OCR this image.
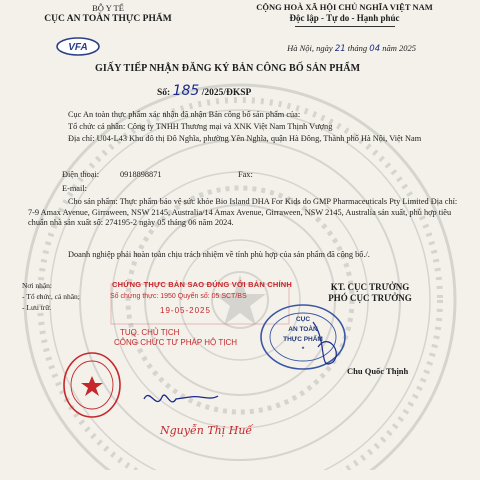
BỘ Y TẾ
CỤC AN TOÀN THỰC PHẨM
CỘNG HOÀ XÃ HỘI CHỦ NGHĨA VIỆT NAM
Độc lập - Tự do - Hạnh phúc
VFA	Hà Nội, ngày 21 tháng 04 năm 2025
GIẤY TIẾP NHẬN ĐĂNG KÝ BẢN CÔNG BỐ SẢN PHẨM
Số: 185 /2025/ĐKSP
Cục An toàn thực phẩm xác nhận đã nhận Bản công bố sản phẩm của:
Tổ chức cá nhân: Công ty TNHH Thương mại và XNK Việt Nam Thịnh Vượng
Địa chỉ: U04-L43 Khu đô thị Đô Nghĩa, phường Yên Nghĩa, quận Hà Đông, Thành phố Hà Nội, Việt Nam
Điện thoại:	0918898871	Fax:
E-mail:
Cho sản phẩm: Thực phẩm bảo vệ sức khỏe Bio Island DHA For Kids do GMP Pharmaceuticals Pty Limited Địa chỉ: 7-9 Amax Avenue, Girraween, NSW 2145, Australia/14 Amax Avenue, Girraween, NSW 2145, Australia sản xuất, phù hợp tiêu chuẩn nhà sản xuất số: 274195-2 ngày 05 tháng 06 năm 2024.
Doanh nghiệp phải hoàn toàn chịu trách nhiệm về tính phù hợp của sản phẩm đã công bố./.
CHỨNG THỰC BẢN SAO ĐÚNG VỚI BẢN CHÍNH
Số chứng thực: 1950 Quyển số: 05 SCT/BS
19-05-2025
Nơi nhận:
- Tổ chức, cá nhân;
- Lưu trữ.
KT. CỤC TRƯỞNG
PHÓ CỤC TRƯỞNG
CỤC
AN TOÀN
THỰC PHẨM
*
Chu Quốc Thịnh
TUQ. CHỦ TỊCH
CÔNG CHỨC TƯ PHÁP HỘ TỊCH
Nguyễn Thị Huế
